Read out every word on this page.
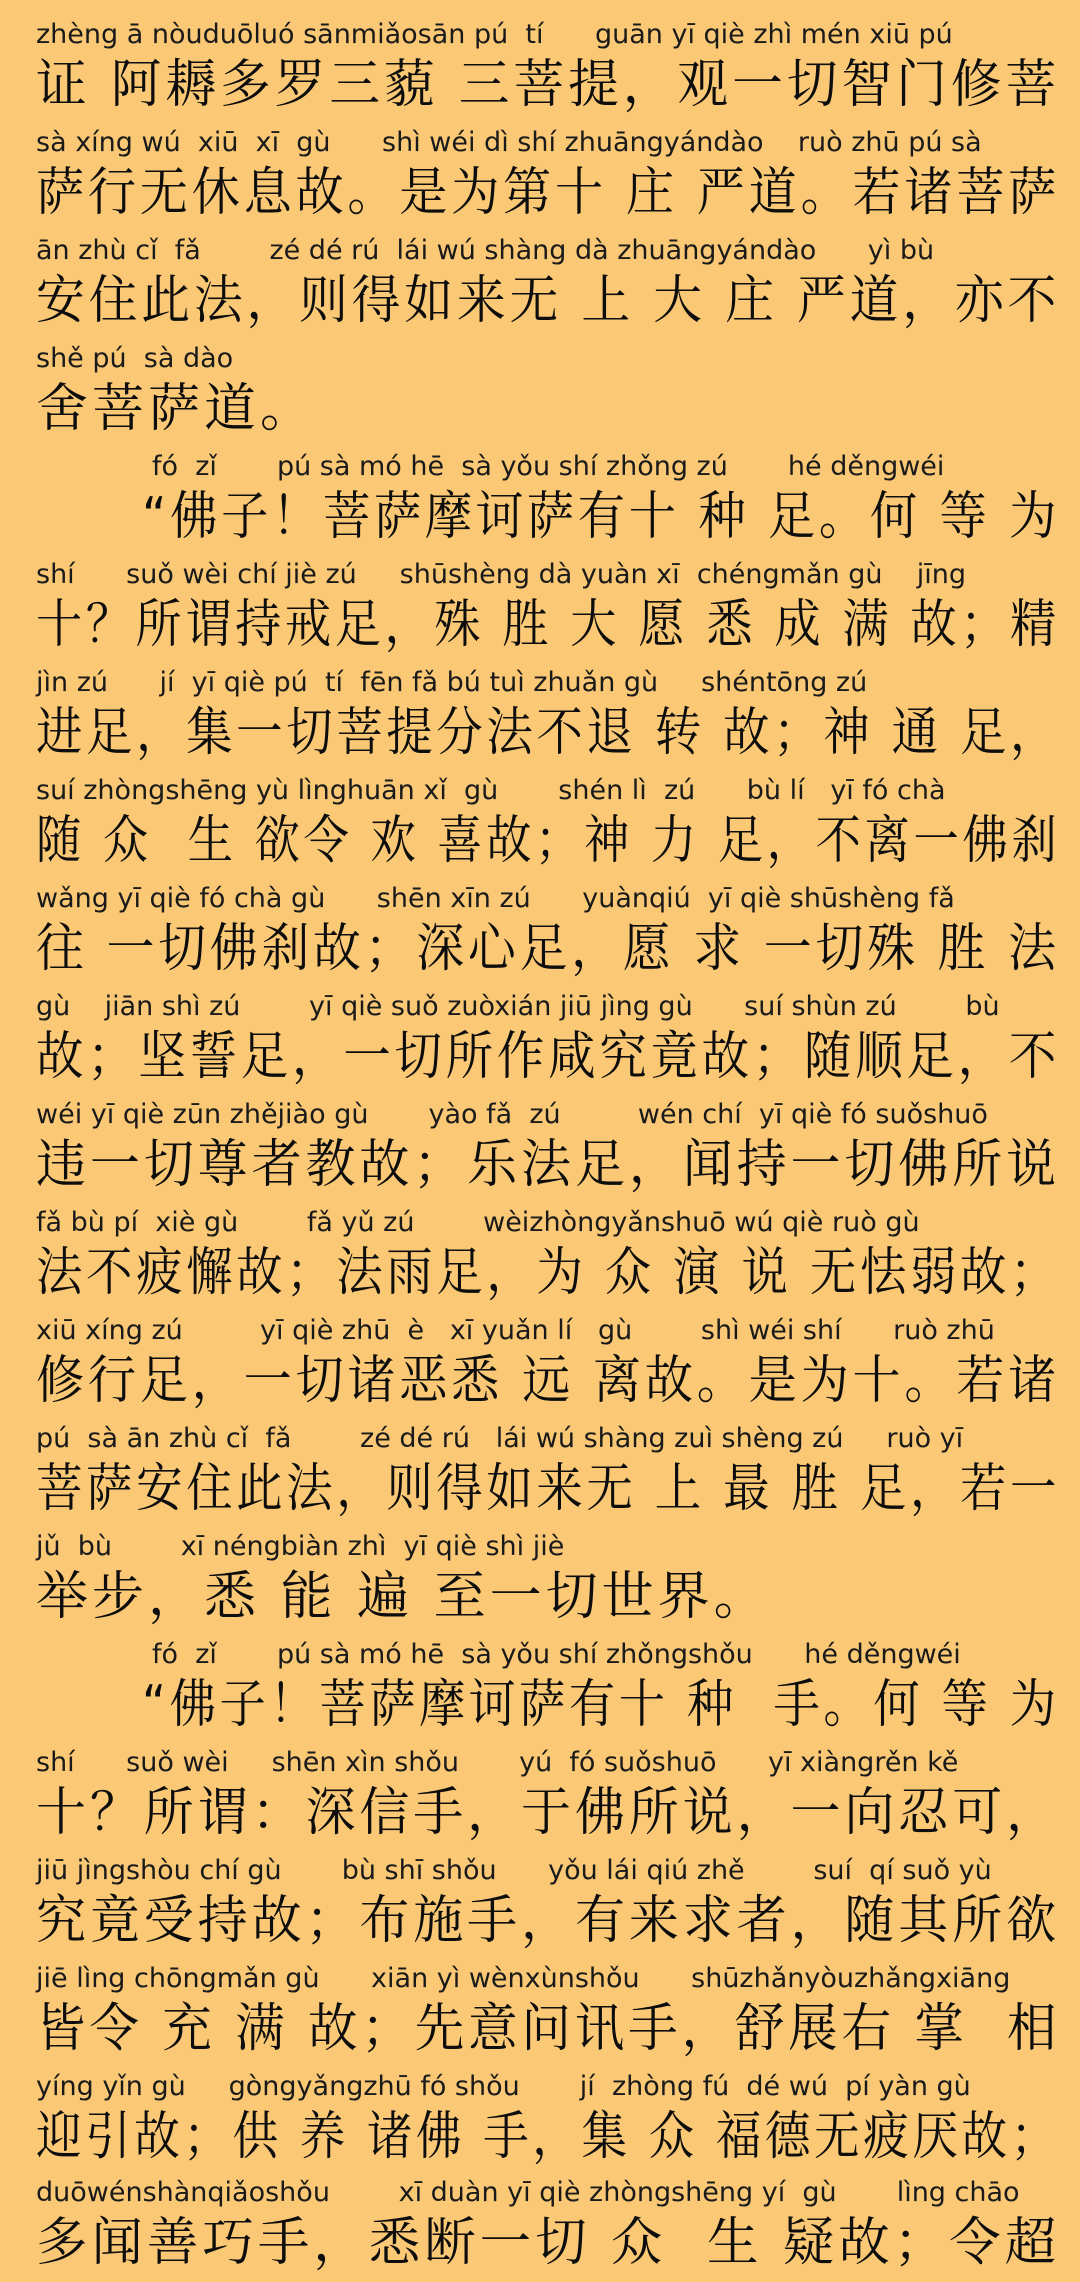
zhèng ā nòuduōluó sānmiǎosān pú  tí      guān yī qiè zhì mén xiū pú
证 阿耨多罗三藐 三菩提，观一切智门修菩
sà xíng wú  xiū  xī  gù      shì wéi dì shí zhuāngyándào    ruò zhū pú sà
萨行无休息故。是为第十 庄 严道。若诸菩萨
ān zhù cǐ  fǎ        zé dé rú  lái wú shàng dà zhuāngyándào      yì bù
安住此法，则得如来无 上 大 庄 严道，亦不
shě pú  sà dào
舍菩萨道。
fó  zǐ       pú sà mó hē  sà yǒu shí zhǒng zú       hé děngwéi
“佛子！菩萨摩诃萨有十 种 足。何 等 为
shí      suǒ wèi chí jiè zú     shūshèng dà yuàn xī  chéngmǎn gù    jīng
十？所谓持戒足，殊 胜 大 愿 悉 成 满 故；精
jìn zú      jí  yī qiè pú  tí  fēn fǎ bú tuì zhuǎn gù     shéntōng zú
进足，集一切菩提分法不退 转 故；神 通 足，
suí zhòngshēng yù lìnghuān xǐ  gù       shén lì  zú      bù lí   yī fó chà
随 众  生 欲令 欢 喜故；神 力 足，不离一佛刹
wǎng yī qiè fó chà gù      shēn xīn zú      yuànqiú  yī qiè shūshèng fǎ
往 一切佛刹故；深心足，愿 求 一切殊 胜 法
gù    jiān shì zú        yī qiè suǒ zuòxián jiū jìng gù      suí shùn zú        bù
故；坚誓足，一切所作咸究竟故；随顺足，不
wéi yī qiè zūn zhějiào gù       yào fǎ  zú         wén chí  yī qiè fó suǒshuō
违一切尊者教故；乐法足，闻持一切佛所说
fǎ bù pí  xiè gù        fǎ yǔ zú        wèizhòngyǎnshuō wú qiè ruò gù
法不疲懈故；法雨足，为 众 演 说 无怯弱故；
xiū xíng zú         yī qiè zhū  è   xī yuǎn lí   gù        shì wéi shí      ruò zhū
修行足，一切诸恶悉 远 离故。是为十。若诸
pú  sà ān zhù cǐ  fǎ        zé dé rú   lái wú shàng zuì shèng zú     ruò yī
菩萨安住此法，则得如来无 上 最 胜 足，若一
jǔ  bù        xī néngbiàn zhì  yī qiè shì jiè
举步，悉 能 遍 至一切世界。
fó  zǐ       pú sà mó hē  sà yǒu shí zhǒngshǒu      hé děngwéi
“佛子！菩萨摩诃萨有十 种  手。何 等 为
shí      suǒ wèi     shēn xìn shǒu       yú  fó suǒshuō      yī xiàngrěn kě
十？所谓：深信手，于佛所说，一向忍可，
jiū jìngshòu chí gù       bù shī shǒu      yǒu lái qiú zhě        suí  qí suǒ yù
究竟受持故；布施手，有来求者，随其所欲
jiē lìng chōngmǎn gù      xiān yì wènxùnshǒu      shūzhǎnyòuzhǎngxiāng
皆令 充 满 故；先意问讯手，舒展右 掌  相
yíng yǐn gù     gòngyǎngzhū fó shǒu       jí  zhòng fú  dé wú  pí yàn gù
迎引故；供 养 诸佛 手，集 众 福德无疲厌故；
duōwénshànqiǎoshǒu        xī duàn yī qiè zhòngshēng yí  gù       lìng chāo
多闻善巧手，悉断一切 众  生 疑故；令超
